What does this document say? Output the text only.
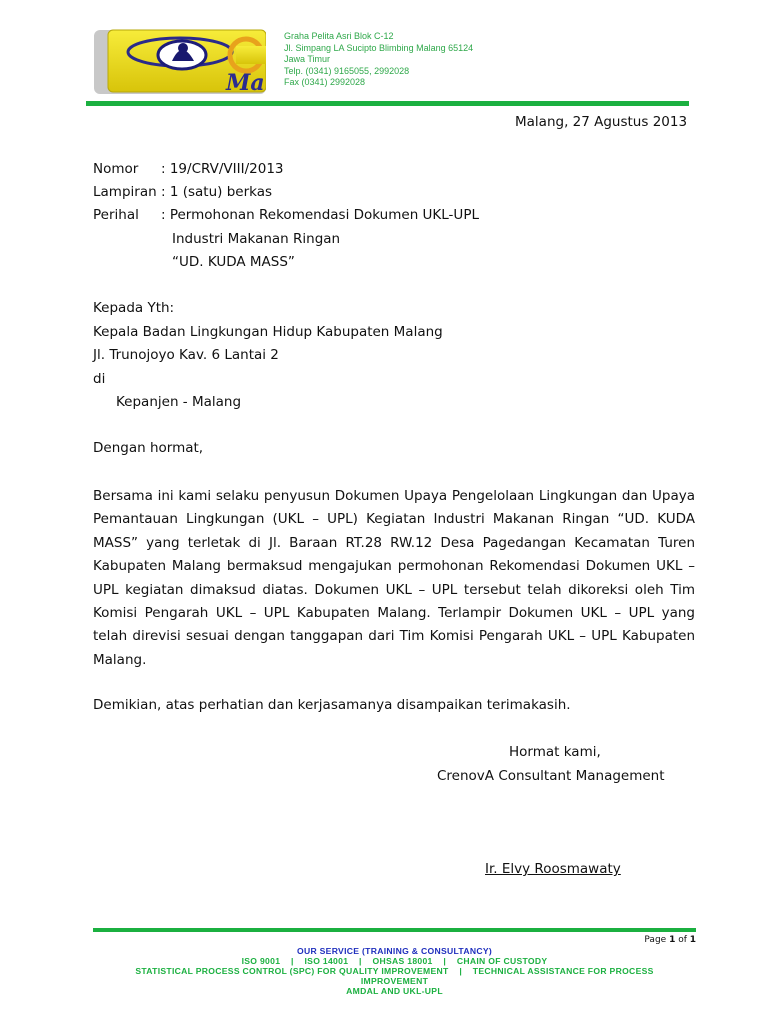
Ma
Graha Pelita Asri Blok C-12
Jl. Simpang LA Sucipto Blimbing Malang 65124
Jawa Timur
Telp. (0341) 9165055, 2992028
Fax (0341) 2992028
Malang, 27 Agustus 2013
Nomor : 19/CRV/VIII/2013
Lampiran : 1 (satu) berkas
Perihal : Permohonan Rekomendasi Dokumen UKL-UPL
Industri Makanan Ringan
“UD. KUDA MASS”
Kepada Yth:
Kepala Badan Lingkungan Hidup Kabupaten Malang
Jl. Trunojoyo Kav. 6 Lantai 2
di
Kepanjen - Malang
Dengan hormat,
Bersama ini kami selaku penyusun Dokumen Upaya Pengelolaan Lingkungan dan Upaya Pemantauan Lingkungan (UKL – UPL) Kegiatan Industri Makanan Ringan “UD. KUDA MASS” yang terletak di Jl. Baraan RT.28 RW.12 Desa Pagedangan Kecamatan Turen Kabupaten Malang bermaksud mengajukan permohonan Rekomendasi Dokumen UKL – UPL kegiatan dimaksud diatas. Dokumen UKL – UPL tersebut telah dikoreksi oleh Tim Komisi Pengarah UKL – UPL Kabupaten Malang. Terlampir Dokumen UKL – UPL yang telah direvisi sesuai dengan tanggapan dari Tim Komisi Pengarah UKL – UPL Kabupaten Malang.
Demikian, atas perhatian dan kerjasamanya disampaikan terimakasih.
Hormat kami,
CrenovA Consultant Management
Ir. Elvy Roosmawaty
Page 1 of 1
OUR SERVICE (TRAINING & CONSULTANCY)
ISO 9001    |    ISO 14001    |    OHSAS 18001    |    CHAIN OF CUSTODY
STATISTICAL PROCESS CONTROL (SPC) FOR QUALITY IMPROVEMENT    |    TECHNICAL ASSISTANCE FOR PROCESS
IMPROVEMENT
AMDAL AND UKL-UPL
